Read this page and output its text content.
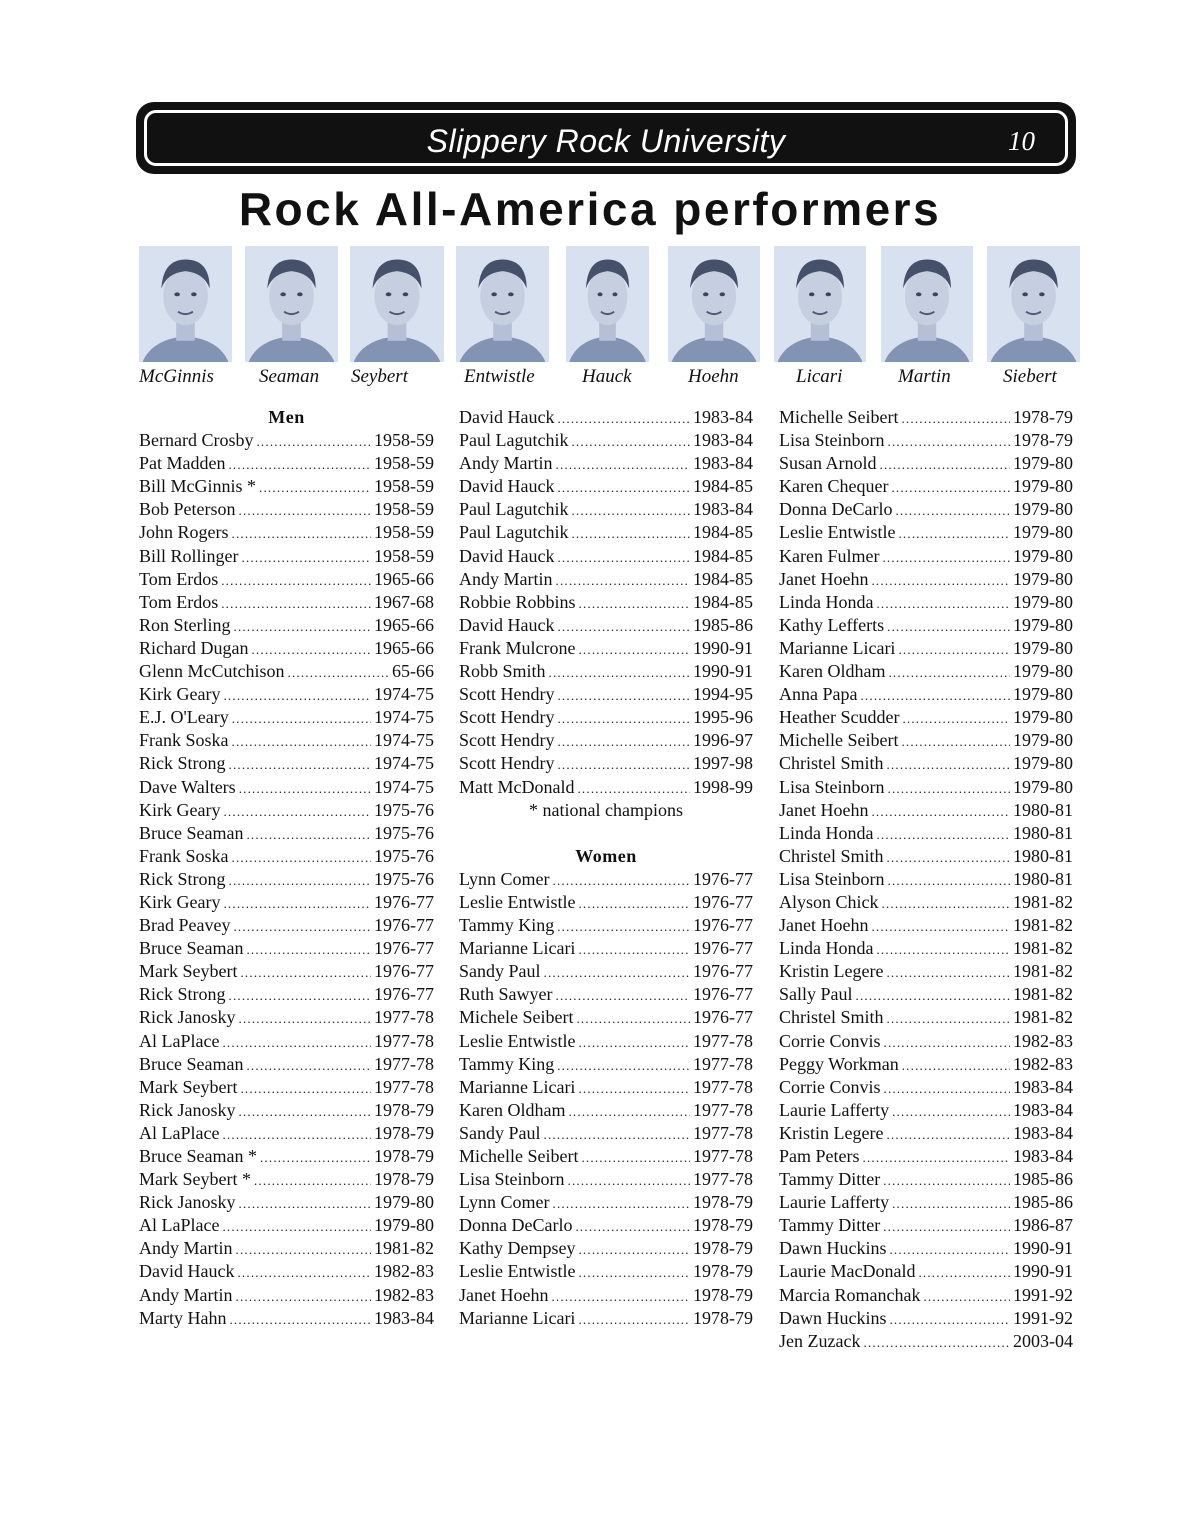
Slippery Rock University	10
Rock All-America performers
McGinnis Seaman Seybert	Entwistle Hauck	Hoehn	Licari	Martin	Siebert
Men
Bernard Crosby .....	1958-59
Pat Madden .....	1958-59
Bill McGinnis * .....	1958-59
Bob Peterson .....	1958-59
John Rogers .....	1958-59
Bill Rollinger .....	1958-59
Tom Erdos .....	1965-66
Tom Erdos .....	1967-68
Ron Sterling .....	1965-66
Richard Dugan .....	1965-66
Glenn McCutchison .....	65-66
Kirk Geary .....	1974-75
E.J. O'Leary .....	1974-75
Frank Soska .....	1974-75
Rick Strong .....	1974-75
Dave Walters .....	1974-75
Kirk Geary .....	1975-76
Bruce Seaman .....	1975-76
Frank Soska .....	1975-76
Rick Strong .....	1975-76
Kirk Geary .....	1976-77
Brad Peavey .....	1976-77
Bruce Seaman .....	1976-77
Mark Seybert .....	1976-77
Rick Strong .....	1976-77
Rick Janosky .....	1977-78
Al LaPlace .....	1977-78
Bruce Seaman .....	1977-78
Mark Seybert .....	1977-78
Rick Janosky .....	1978-79
Al LaPlace .....	1978-79
Bruce Seaman * .....	1978-79
Mark Seybert * .....	1978-79
Rick Janosky .....	1979-80
Al LaPlace .....	1979-80
Andy Martin .....	1981-82
David Hauck .....	1982-83
Andy Martin .....	1982-83
Marty Hahn .....	1983-84
David Hauck .....	1983-84
Paul Lagutchik .....	1983-84
Andy Martin .....	1983-84
David Hauck .....	1984-85
Paul Lagutchik .....	1983-84
Paul Lagutchik .....	1984-85
David Hauck .....	1984-85
Andy Martin .....	1984-85
Robbie Robbins .....	1984-85
David Hauck .....	1985-86
Frank Mulcrone .....	1990-91
Robb Smith .....	1990-91
Scott Hendry .....	1994-95
Scott Hendry .....	1995-96
Scott Hendry .....	1996-97
Scott Hendry .....	1997-98
Matt McDonald .....	1998-99
* national champions
Women
Lynn Comer .....	1976-77
Leslie Entwistle .....	1976-77
Tammy King .....	1976-77
Marianne Licari .....	1976-77
Sandy Paul .....	1976-77
Ruth Sawyer .....	1976-77
Michele Seibert .....	1976-77
Leslie Entwistle .....	1977-78
Tammy King .....	1977-78
Marianne Licari .....	1977-78
Karen Oldham .....	1977-78
Sandy Paul .....	1977-78
Michelle Seibert .....	1977-78
Lisa Steinborn .....	1977-78
Lynn Comer .....	1978-79
Donna DeCarlo .....	1978-79
Kathy Dempsey .....	1978-79
Leslie Entwistle .....	1978-79
Janet Hoehn .....	1978-79
Marianne Licari .....	1978-79
Michelle Seibert .....	1978-79
Lisa Steinborn .....	1978-79
Susan Arnold .....	1979-80
Karen Chequer .....	1979-80
Donna DeCarlo .....	1979-80
Leslie Entwistle .....	1979-80
Karen Fulmer .....	1979-80
Janet Hoehn .....	1979-80
Linda Honda .....	1979-80
Kathy Lefferts .....	1979-80
Marianne Licari .....	1979-80
Karen Oldham .....	1979-80
Anna Papa .....	1979-80
Heather Scudder .....	1979-80
Michelle Seibert .....	1979-80
Christel Smith .....	1979-80
Lisa Steinborn .....	1979-80
Janet Hoehn .....	1980-81
Linda Honda .....	1980-81
Christel Smith .....	1980-81
Lisa Steinborn .....	1980-81
Alyson Chick .....	1981-82
Janet Hoehn .....	1981-82
Linda Honda .....	1981-82
Kristin Legere .....	1981-82
Sally Paul .....	1981-82
Christel Smith .....	1981-82
Corrie Convis .....	1982-83
Peggy Workman .....	1982-83
Corrie Convis .....	1983-84
Laurie Lafferty .....	1983-84
Kristin Legere .....	1983-84
Pam Peters .....	1983-84
Tammy Ditter .....	1985-86
Laurie Lafferty .....	1985-86
Tammy Ditter .....	1986-87
Dawn Huckins .....	1990-91
Laurie MacDonald .....	1990-91
Marcia Romanchak .....	1991-92
Dawn Huckins .....	1991-92
Jen Zuzack .....	2003-04
